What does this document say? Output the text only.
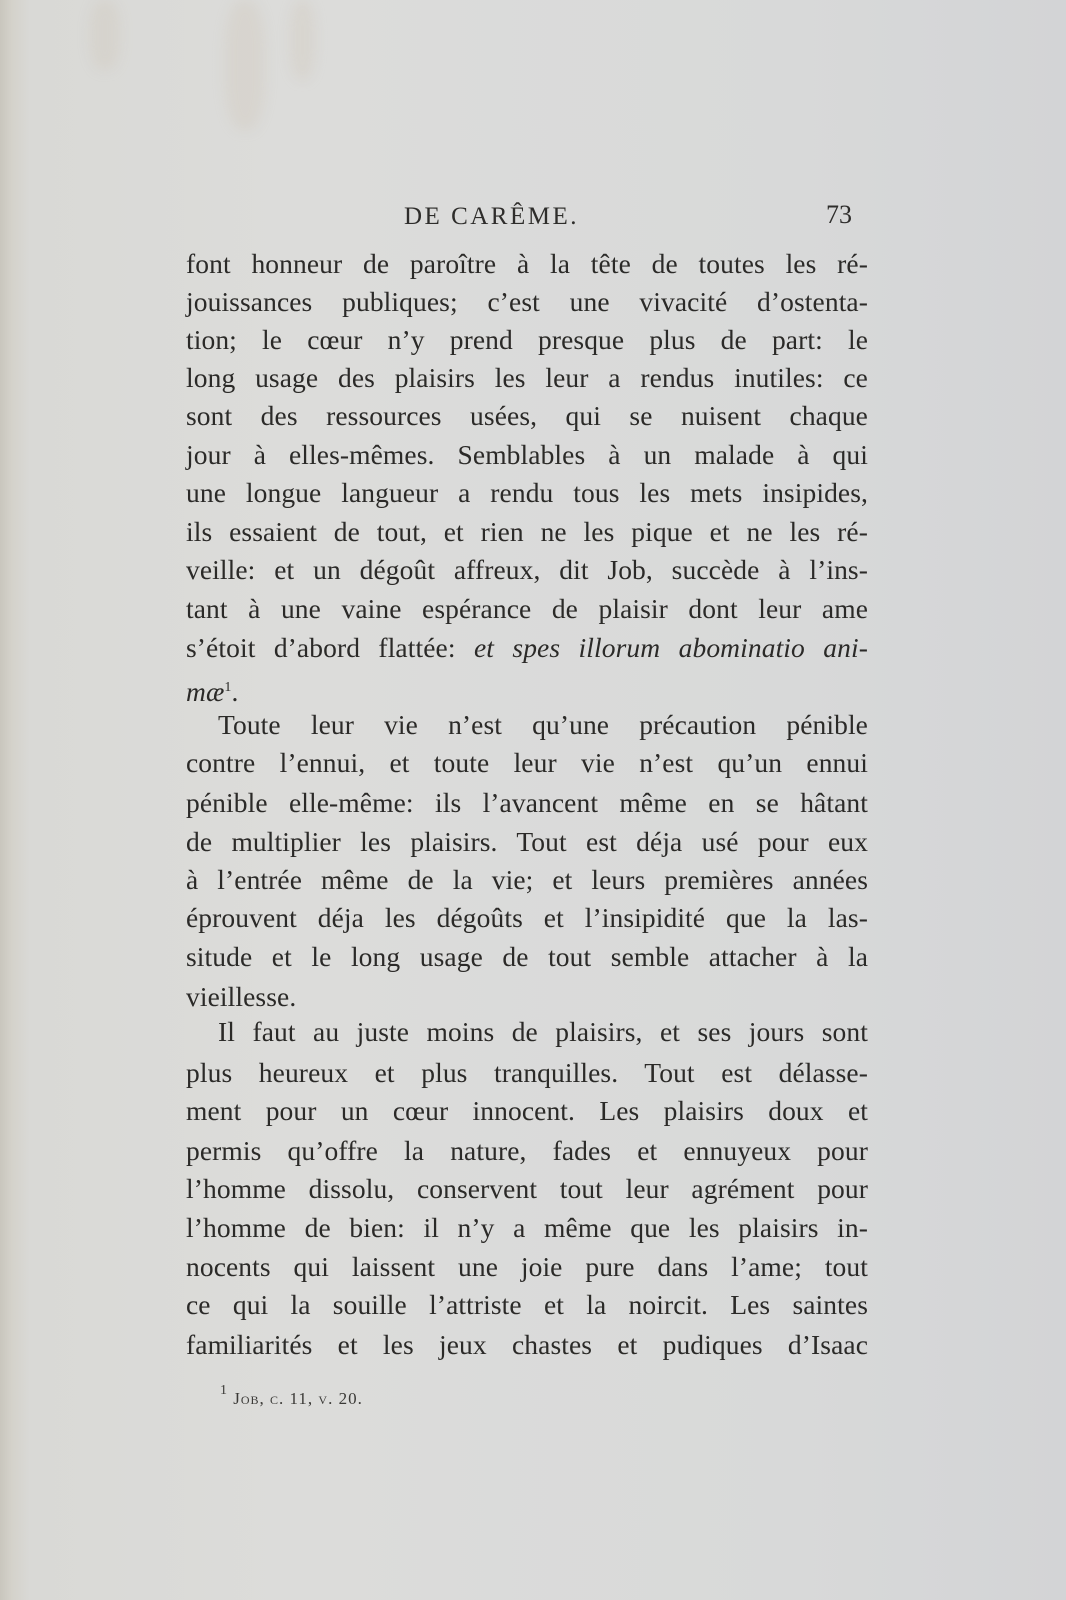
DE CARÊME.	73
font honneur de paroître à la tête de toutes les ré-
jouissances publiques; c’est une vivacité d’ostenta-
tion; le cœur n’y prend presque plus de part: le
long usage des plaisirs les leur a rendus inutiles: ce
sont des ressources usées, qui se nuisent chaque
jour à elles-mêmes. Semblables à un malade à qui
une longue langueur a rendu tous les mets insipides,
ils essaient de tout, et rien ne les pique et ne les ré-
veille: et un dégoût affreux, dit Job, succède à l’ins-
tant à une vaine espérance de plaisir dont leur ame
s’étoit d’abord flattée: et spes illorum abominatio ani-
$mæ^1$.
Toute leur vie n’est qu’une précaution pénible
contre l’ennui, et toute leur vie n’est qu’un ennui
pénible elle-même: ils l’avancent même en se hâtant
de multiplier les plaisirs. Tout est déja usé pour eux
à l’entrée même de la vie; et leurs premières années
éprouvent déja les dégoûts et l’insipidité que la las-
situde et le long usage de tout semble attacher à la
vieillesse.
Il faut au juste moins de plaisirs, et ses jours sont
plus heureux et plus tranquilles. Tout est délasse-
ment pour un cœur innocent. Les plaisirs doux et
permis qu’offre la nature, fades et ennuyeux pour
l’homme dissolu, conservent tout leur agrément pour
l’homme de bien: il n’y a même que les plaisirs in-
nocents qui laissent une joie pure dans l’ame; tout
ce qui la souille l’attriste et la noircit. Les saintes
familiarités et les jeux chastes et pudiques d’Isaac
$^1$ Job, c. 11, v. 20.
